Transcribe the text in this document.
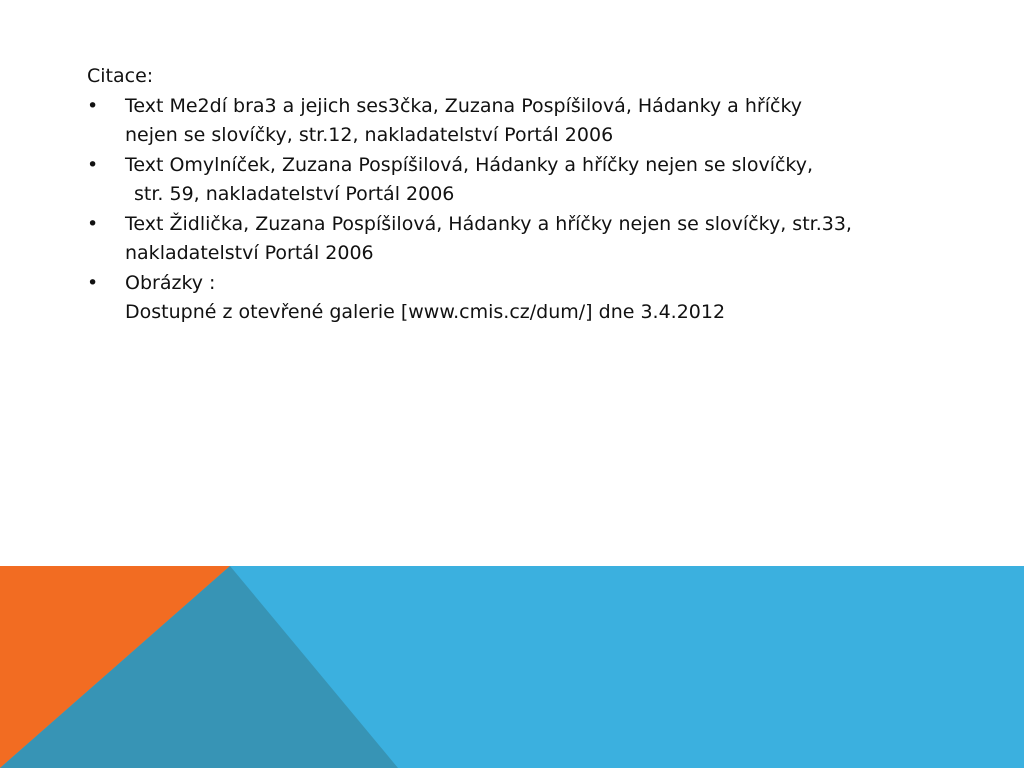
Citace:

•	Text Me2dí bra3 a jejich ses3čka, Zuzana Pospíšilová, Hádanky a hříčky
nejen se slovíčky, str.12, nakladatelství Portál 2006
•	Text Omylníček, Zuzana Pospíšilová, Hádanky a hříčky nejen se slovíčky,
str. 59, nakladatelství Portál 2006
•	Text Židlička, Zuzana Pospíšilová, Hádanky a hříčky nejen se slovíčky, str.33,
nakladatelství Portál 2006
•	Obrázky :
Dostupné z otevřené galerie [www.cmis.cz/dum/] dne 3.4.2012
